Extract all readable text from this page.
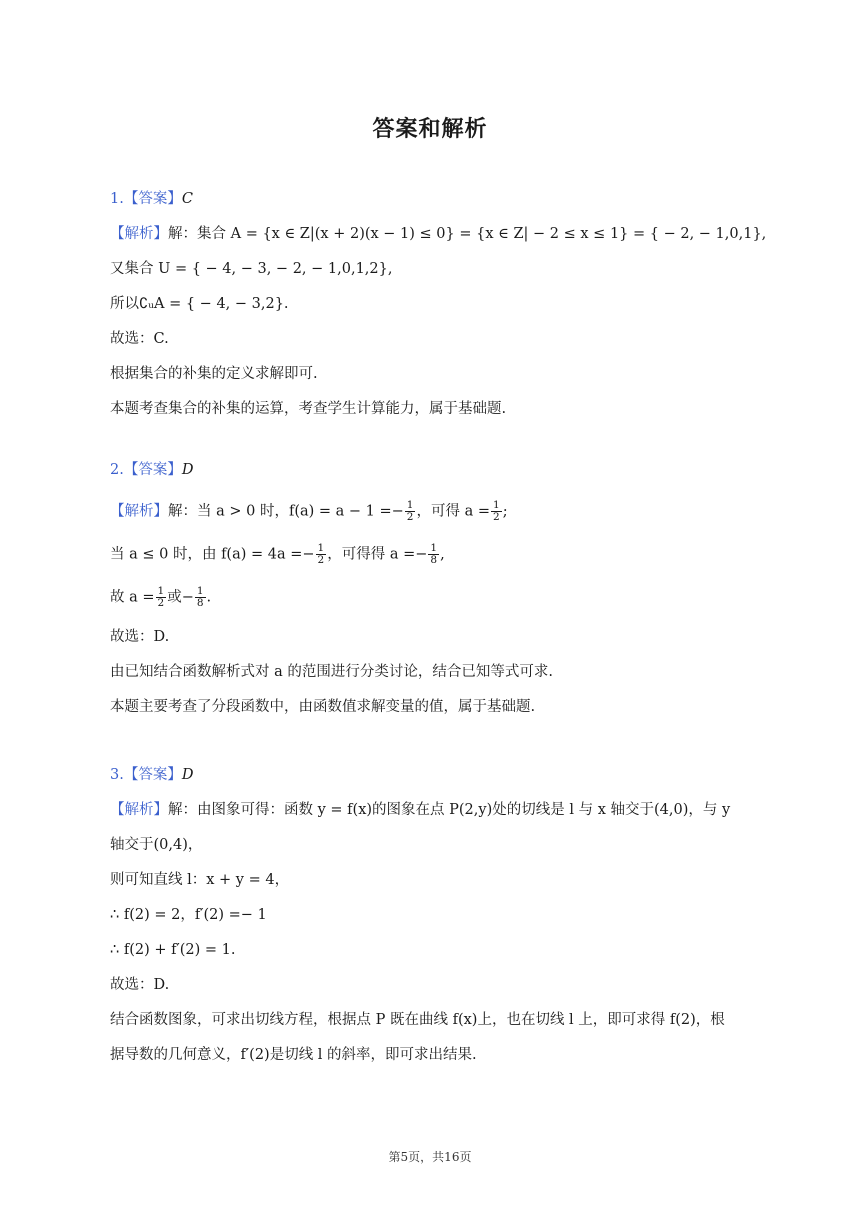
答案和解析

1.【答案】C

【解析】解：集合 A = {x ∈ Z|(x + 2)(x − 1) ≤ 0} = {x ∈ Z| − 2 ≤ x ≤ 1} = { − 2, − 1,0,1},

又集合 U = { − 4, − 3, − 2, − 1,0,1,2},

所以∁ᵤA = { − 4, − 3,2}.

故选：C.

根据集合的补集的定义求解即可.

本题考查集合的补集的运算，考查学生计算能力，属于基础题.

2.【答案】D

【解析】解：当 a > 0 时，$f(a) = a - 1 =- \frac{1}{2}$ ，可得 $a = \frac{1}{2}$ ;

当 a ≤ 0 时，由 $f(a) = 4a =- \frac{1}{2}$ ，可得得 $a =- \frac{1}{8}$ ,

故 $a = \frac{1}{2}$ 或− $\frac{1}{8}$ .

故选：D.

由已知结合函数解析式对 a 的范围进行分类讨论，结合已知等式可求.

本题主要考查了分段函数中，由函数值求解变量的值，属于基础题.

3.【答案】D

【解析】解：由图象可得：函数 y = f(x)的图象在点 P(2,y)处的切线是 l 与 x 轴交于(4,0)，与 y

轴交于(0,4)，

则可知直线 l：x + y = 4，

∴ f(2) = 2，f′(2) =− 1

∴ f(2) + f′(2) = 1.

故选：D.

结合函数图象，可求出切线方程，根据点 P 既在曲线 f(x)上，也在切线 l 上，即可求得 f(2)，根

据导数的几何意义，f′(2)是切线 l 的斜率，即可求出结果.

第5页，共16页
